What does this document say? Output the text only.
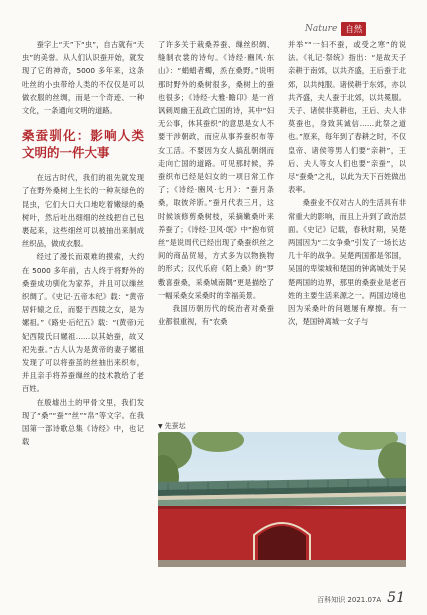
Nature 自然

蚕字上“天”下“虫”，自古就有“天虫”的美誉。从人们认识蚕开始，就发现了它的神奇，5000 多年来，这条吐丝的小虫带给人类的不仅仅是可以做衣服的丝绸，而是一个奇迹、一种文化，一条通向文明的道路。

桑蚕驯化：影响人类文明的一件大事

在远古时代，我们的祖先就发现了在野外桑树上生长的一种灰绿色的昆虫，它们大口大口地吃着嫩绿的桑树叶，然后吐出细细的丝线把自己包裹起来，这些细丝可以被抽出来制成丝织品，做成衣服。

经过了漫长而艰难的摸索，大约在 5000 多年前，古人终于将野外的桑蚕成功驯化为家养，并且可以缫丝织绸了。《史记·五帝本纪》载：“黄帝居轩辕之丘，而娶于西陵之女，是为嫘祖。”《路史·后纪五》载：“(黄帝)元妃西陵氏曰嫘祖……以其始蚕，故又祀先蚕。”古人认为是黄帝的妻子嫘祖发现了可以将蚕茧的丝抽出来织布，并且亲手将养蚕缫丝的技术教给了老百姓。

在殷墟出土的甲骨文里，我们发现了“桑”“蚕”“丝”“帛”等文字。在我国第一部诗歌总集《诗经》中，也记载

了许多关于栽桑养蚕、缫丝织绸、缝制衣裳的诗句。《诗经·豳风·东山》：“蜎蜎者蠋，烝在桑野。”说明那时野外的桑树很多，桑树上的蚕也很多；《诗经·大雅·瞻卬》是一首讽刺周幽王乱政亡国的诗，其中“妇无公事，休其蚕织”的意思是女人不要干涉朝政，而应从事养蚕织布等女工活。不要因为女人搞乱朝纲而走向亡国的道路。可见那时候，养蚕织布已经是妇女的一项日常工作了；《诗经·豳风·七月》：“蚕月条桑，取彼斧斨。”蚕月代表三月，这时候该修剪桑树枝，采摘嫩桑叶来养蚕了；《诗经·卫风·氓》中“抱布贸丝”是说周代已经出现了桑蚕织丝之间的商品贸易，方式多为以物换物的形式；汉代乐府《陌上桑》的“罗敷喜蚕桑，采桑城南隅”更是描绘了一幅采桑女采桑时的幸福美景。

我国历朝历代的统治者对桑蚕业都很重视，有“农桑

并举”“一妇不蚕，或受之寒”的说法。《礼记·祭统》指出：“是故天子亲耕于南郊，以共齐盛，王后蚕于北郊，以共纯服。诸侯耕于东郊，亦以共齐盛，夫人蚕于北郊，以共冕服。天子、诸侯非莫耕也，王后、夫人非莫蚕也，身致其诚信……此祭之道也。”原来，每年到了春耕之时，不仅皇帝、诸侯等男人们要“亲耕”，王后、夫人等女人们也要“亲蚕”，以尽“蚕桑”之礼，以此为天下百姓做出表率。

桑蚕业不仅对古人的生活具有非常重大的影响，而且上升到了政治层面。《史记》记载，春秋时期，吴楚两国因为“二女争桑”引发了一场长达几十年的战争。吴楚两国都是邻国，吴国的卑梁城和楚国的钟离城处于吴楚两国的边界，那里的桑蚕业是老百姓的主要生活来源之一。两国边境也因为采桑叶的问题屡有摩擦。有一次，楚国钟离城一女子与

▼ 先蚕坛
百科知识 2021.07A 51
